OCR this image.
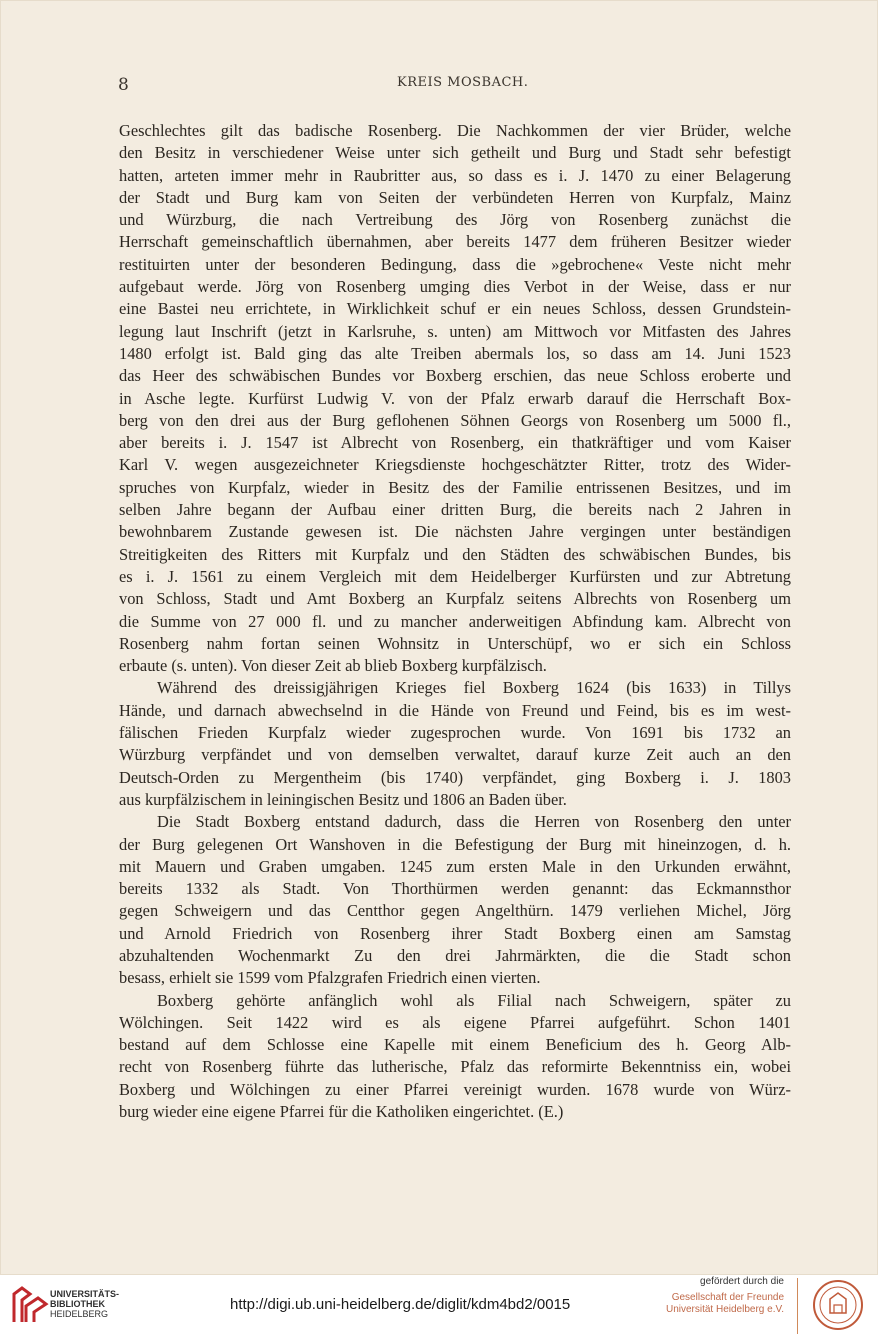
8	KREIS MOSBACH.

Geschlechtes gilt das badische Rosenberg. Die Nachkommen der vier Brüder, welche
den Besitz in verschiedener Weise unter sich getheilt und Burg und Stadt sehr befestigt
hatten, arteten immer mehr in Raubritter aus, so dass es i. J. 1470 zu einer Belagerung
der Stadt und Burg kam von Seiten der verbündeten Herren von Kurpfalz, Mainz
und Würzburg, die nach Vertreibung des Jörg von Rosenberg zunächst die
Herrschaft gemeinschaftlich übernahmen, aber bereits 1477 dem früheren Besitzer wieder
restituirten unter der besonderen Bedingung, dass die »gebrochene« Veste nicht mehr
aufgebaut werde. Jörg von Rosenberg umging dies Verbot in der Weise, dass er nur
eine Bastei neu errichtete, in Wirklichkeit schuf er ein neues Schloss, dessen Grundstein-
legung laut Inschrift (jetzt in Karlsruhe, s. unten) am Mittwoch vor Mitfasten des Jahres
1480 erfolgt ist. Bald ging das alte Treiben abermals los, so dass am 14. Juni 1523
das Heer des schwäbischen Bundes vor Boxberg erschien, das neue Schloss eroberte und
in Asche legte. Kurfürst Ludwig V. von der Pfalz erwarb darauf die Herrschaft Box-
berg von den drei aus der Burg geflohenen Söhnen Georgs von Rosenberg um 5000 fl.,
aber bereits i. J. 1547 ist Albrecht von Rosenberg, ein thatkräftiger und vom Kaiser
Karl V. wegen ausgezeichneter Kriegsdienste hochgeschätzter Ritter, trotz des Wider-
spruches von Kurpfalz, wieder in Besitz des der Familie entrissenen Besitzes, und im
selben Jahre begann der Aufbau einer dritten Burg, die bereits nach 2 Jahren in
bewohnbarem Zustande gewesen ist. Die nächsten Jahre vergingen unter beständigen
Streitigkeiten des Ritters mit Kurpfalz und den Städten des schwäbischen Bundes, bis
es i. J. 1561 zu einem Vergleich mit dem Heidelberger Kurfürsten und zur Abtretung
von Schloss, Stadt und Amt Boxberg an Kurpfalz seitens Albrechts von Rosenberg um
die Summe von 27 000 fl. und zu mancher anderweitigen Abfindung kam. Albrecht von
Rosenberg nahm fortan seinen Wohnsitz in Unterschüpf, wo er sich ein Schloss
erbaute (s. unten). Von dieser Zeit ab blieb Boxberg kurpfälzisch.

Während des dreissigjährigen Krieges fiel Boxberg 1624 (bis 1633) in Tillys
Hände, und darnach abwechselnd in die Hände von Freund und Feind, bis es im west-
fälischen Frieden Kurpfalz wieder zugesprochen wurde. Von 1691 bis 1732 an
Würzburg verpfändet und von demselben verwaltet, darauf kurze Zeit auch an den
Deutsch-Orden zu Mergentheim (bis 1740) verpfändet, ging Boxberg i. J. 1803
aus kurpfälzischem in leiningischen Besitz und 1806 an Baden über.

Die Stadt Boxberg entstand dadurch, dass die Herren von Rosenberg den unter
der Burg gelegenen Ort Wanshoven in die Befestigung der Burg mit hineinzogen, d. h.
mit Mauern und Graben umgaben. 1245 zum ersten Male in den Urkunden erwähnt,
bereits 1332 als Stadt. Von Thorthürmen werden genannt: das Eckmannsthor
gegen Schweigern und das Centthor gegen Angelthürn. 1479 verliehen Michel, Jörg
und Arnold Friedrich von Rosenberg ihrer Stadt Boxberg einen am Samstag
abzuhaltenden Wochenmarkt Zu den drei Jahrmärkten, die die Stadt schon
besass, erhielt sie 1599 vom Pfalzgrafen Friedrich einen vierten.

Boxberg gehörte anfänglich wohl als Filial nach Schweigern, später zu
Wölchingen. Seit 1422 wird es als eigene Pfarrei aufgeführt. Schon 1401
bestand auf dem Schlosse eine Kapelle mit einem Beneficium des h. Georg Alb-
recht von Rosenberg führte das lutherische, Pfalz das reformirte Bekenntniss ein, wobei
Boxberg und Wölchingen zu einer Pfarrei vereinigt wurden. 1678 wurde von Würz-
burg wieder eine eigene Pfarrei für die Katholiken eingerichtet. (E.)

UNIVERSITÄTS-
BIBLIOTHEK
HEIDELBERG
http://digi.ub.uni-heidelberg.de/diglit/kdm4bd2/0015
gefördert durch die
Gesellschaft der Freunde
Universität Heidelberg e.V.
